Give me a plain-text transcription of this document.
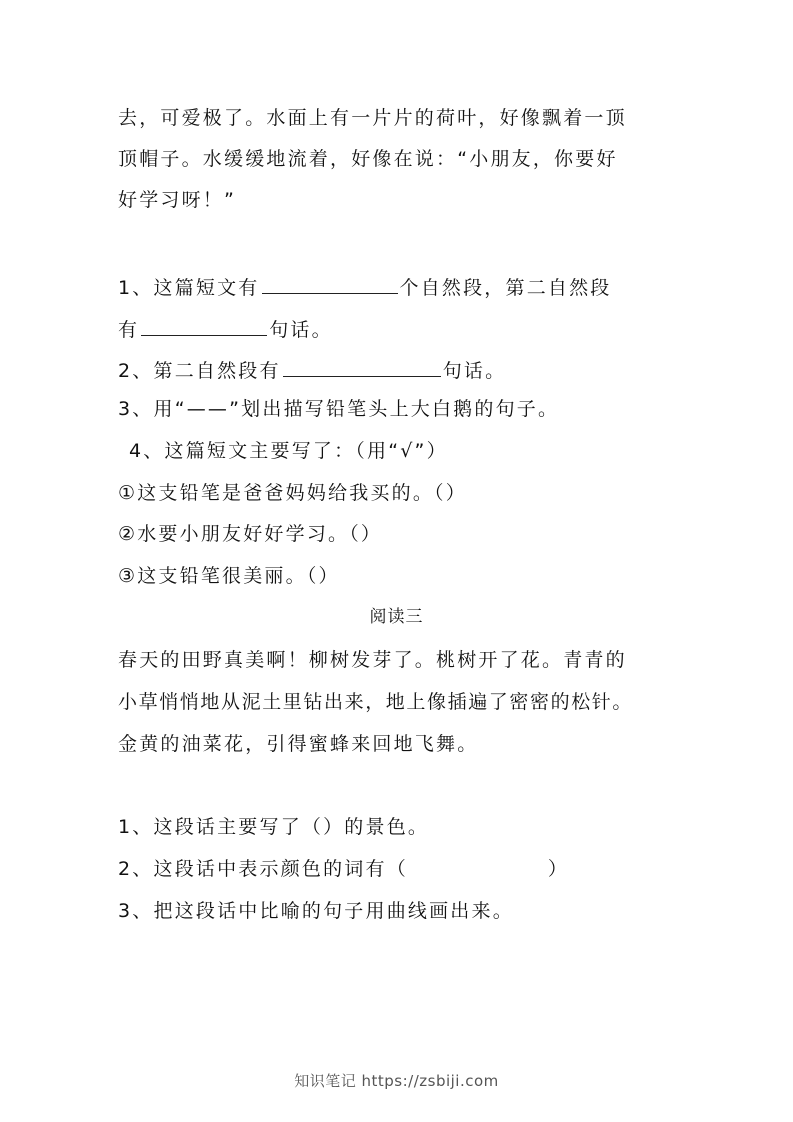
去，可爱极了。水面上有一片片的荷叶，好像飘着一顶
顶帽子。水缓缓地流着，好像在说：“小朋友，你要好
好学习呀！”
1、这篇短文有	个自然段，第二自然段
有	句话。
2、第二自然段有	句话。
3、用“——”划出描写铅笔头上大白鹅的句子。
4、这篇短文主要写了：（用“√”）
①这支铅笔是爸爸妈妈给我买的。（）
②水要小朋友好好学习。（）
③这支铅笔很美丽。（）
阅读三
春天的田野真美啊！柳树发芽了。桃树开了花。青青的
小草悄悄地从泥土里钻出来，地上像插遍了密密的松针。
金黄的油菜花，引得蜜蜂来回地飞舞。
1、这段话主要写了（）的景色。
2、这段话中表示颜色的词有（	）
3、把这段话中比喻的句子用曲线画出来。
知识笔记 https://zsbiji.com
